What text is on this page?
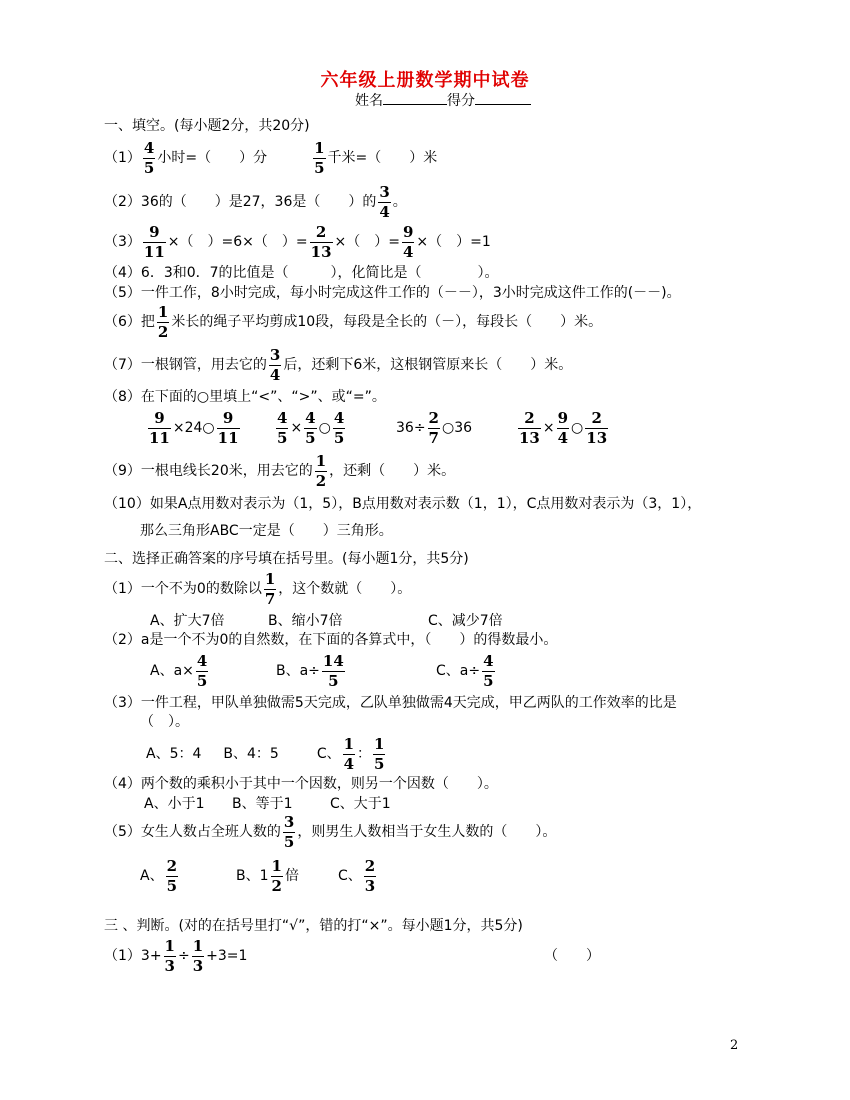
六年级上册数学期中试卷
姓名	得分
一、填空。(每小题2分，共20分)
$(1) \frac{4}{5}$ 小时=（　　）分	$\frac{1}{5}$ 千米=（　　）米
（2）36的（　　）是27，36是（　　）的 $\frac{3}{4}$ 。
$(3) \frac{9}{11}$ ×（　）=6×（　）= $\frac{2}{13}$ ×（　）= $\frac{9}{4}$ ×（　）=1
（4）6．3和0．7的比值是（　　　），化简比是（　　　　）。
（5）一件工作，8小时完成，每小时完成这件工作的（－－），3小时完成这件工作的(－－)。
（6）把 $\frac{1}{2}$ 米长的绳子平均剪成10段，每段是全长的（－），每段长（　　）米。
（7）一根钢管，用去它的 $\frac{3}{4}$ 后，还剩下6米，这根钢管原来长（　　）米。
（8）在下面的○里填上“<”、“>”、或“=”。
$\frac{9}{11}$ ×24○ $\frac{9}{11} \frac{4}{5} \times \frac{4}{5}$ ○ $\frac{4}{5}$	$36\div \frac{2}{7}$ ○36	$\frac{2}{13} \times \frac{9}{4}$ ○ $\frac{2}{13}$
（9）一根电线长20米，用去它的 $\frac{1}{2}$ ，还剩（　　）米。
（10）如果A点用数对表示为（1，5），B点用数对表示数（1，1），C点用数对表示为（3，1），
那么三角形ABC一定是（　　）三角形。
二、选择正确答案的序号填在括号里。(每小题1分，共5分)
（1）一个不为0的数除以 $\frac{1}{7}$ ，这个数就（　　）。
A、扩大7倍	B、缩小7倍	C、减少7倍
（2）a是一个不为0的自然数，在下面的各算式中，（　　）的得数最小。
A、$a\times \frac{4}{5}$	B、$a\div \frac{14}{5}$	C、$a\div \frac{4}{5}$
（3）一件工程，甲队单独做需5天完成，乙队单独做需4天完成，甲乙两队的工作效率的比是
（　）。
A、5：4 B、4：5	C、 $\frac{1}{4}$ ： $\frac{1}{5}$
（4）两个数的乘积小于其中一个因数，则另一个因数（　　）。
A、小于1 B、等于1	C、大于1
（5）女生人数占全班人数的 $\frac{3}{5}$ ，则男生人数相当于女生人数的（　　）。
A、 $\frac{2}{5}$	B、$1 \frac{1}{2}$ 倍	C、 $\frac{2}{3}$
三 、判断。(对的在括号里打“√”，错的打“×”。每小题1分，共5分)
$(1)3+ \frac{1}{3} \div \frac{1}{3} +3=1$	（　　）
2
